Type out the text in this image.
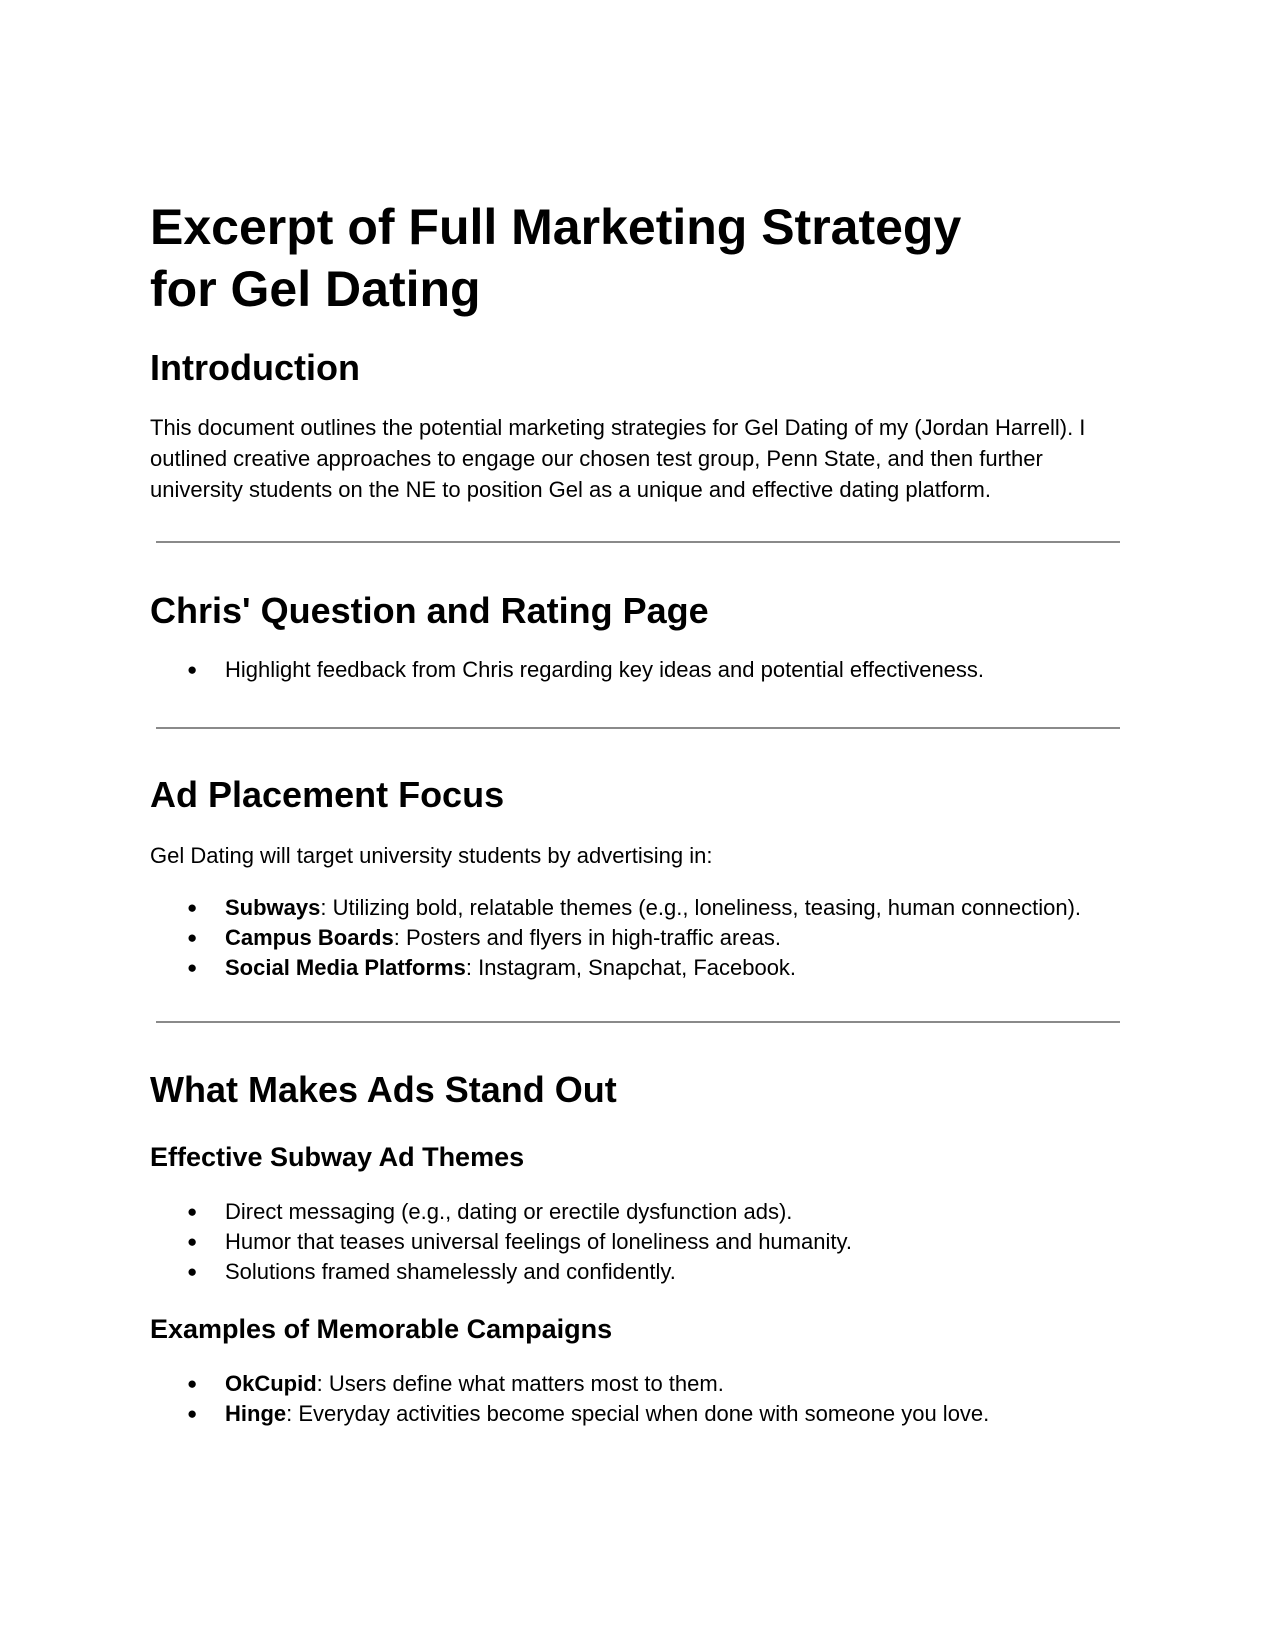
Excerpt of Full Marketing Strategy
for Gel Dating
Introduction

This document outlines the potential marketing strategies for Gel Dating of my (Jordan Harrell). I outlined creative approaches to engage our chosen test group, Penn State, and then further university students on the NE to position Gel as a unique and effective dating platform.

Chris' Question and Rating Page
● Highlight feedback from Chris regarding key ideas and potential effectiveness.
Ad Placement Focus

Gel Dating will target university students by advertising in:

● Subways: Utilizing bold, relatable themes (e.g., loneliness, teasing, human connection).
● Campus Boards: Posters and flyers in high-traffic areas.
● Social Media Platforms: Instagram, Snapchat, Facebook.
What Makes Ads Stand Out
Effective Subway Ad Themes
● Direct messaging (e.g., dating or erectile dysfunction ads).
● Humor that teases universal feelings of loneliness and humanity.
● Solutions framed shamelessly and confidently.
Examples of Memorable Campaigns
● OkCupid: Users define what matters most to them.
● Hinge: Everyday activities become special when done with someone you love.
